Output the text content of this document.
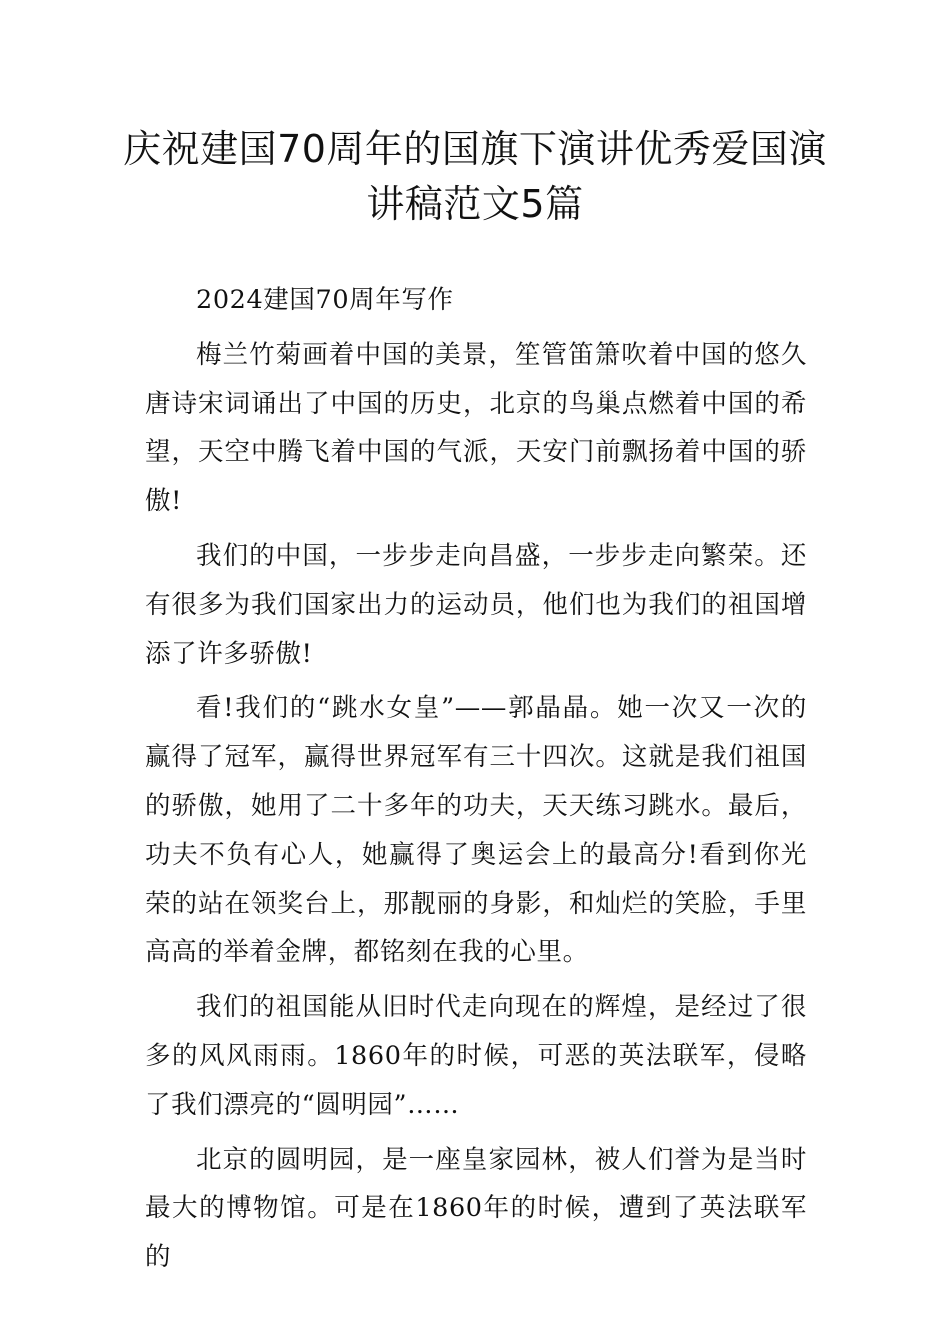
庆祝建国70周年的国旗下演讲优秀爱国演讲稿范文5篇

2024建国70周年写作

梅兰竹菊画着中国的美景，笙管笛箫吹着中国的悠久唐诗宋词诵出了中国的历史，北京的鸟巢点燃着中国的希望，天空中腾飞着中国的气派，天安门前飘扬着中国的骄傲!

我们的中国，一步步走向昌盛，一步步走向繁荣。还有很多为我们国家出力的运动员，他们也为我们的祖国增添了许多骄傲!

看!我们的“跳水女皇”——郭晶晶。她一次又一次的赢得了冠军，赢得世界冠军有三十四次。这就是我们祖国的骄傲，她用了二十多年的功夫，天天练习跳水。最后，功夫不负有心人，她赢得了奥运会上的最高分!看到你光荣的站在领奖台上，那靓丽的身影，和灿烂的笑脸，手里高高的举着金牌，都铭刻在我的心里。

我们的祖国能从旧时代走向现在的辉煌，是经过了很多的风风雨雨。1860年的时候，可恶的英法联军，侵略了我们漂亮的“圆明园”……

北京的圆明园，是一座皇家园林，被人们誉为是当时最大的博物馆。可是在1860年的时候，遭到了英法联军的
